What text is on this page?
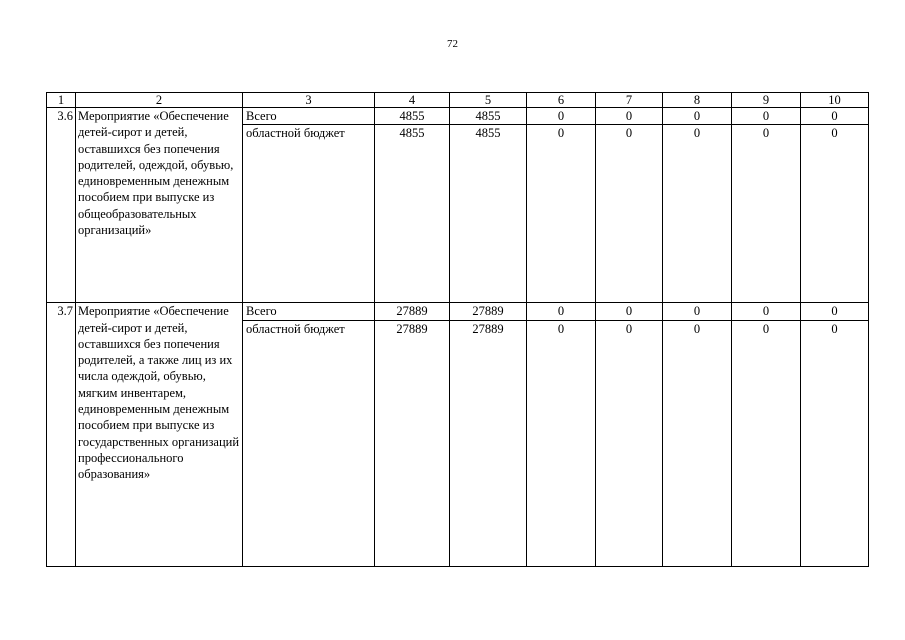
72
1	2	3	4	5	6	7	8	9	10
3.6	Мероприятие «Обеспечение детей-сирот и детей, оставшихся без попечения родителей, одеждой, обувью, единовременным денежным пособием при выпуске из общеобразовательных организаций»	Всего	4855	4855	0	0	0	0	0
		областной бюджет	4855	4855	0	0	0	0	0
3.7	Мероприятие «Обеспечение детей-сирот и детей, оставшихся без попечения родителей, а также лиц из их числа одеждой, обувью, мягким инвентарем, единовременным денежным пособием при выпуске из государственных организаций профессионального образования»	Всего	27889	27889	0	0	0	0	0
		областной бюджет	27889	27889	0	0	0	0	0
